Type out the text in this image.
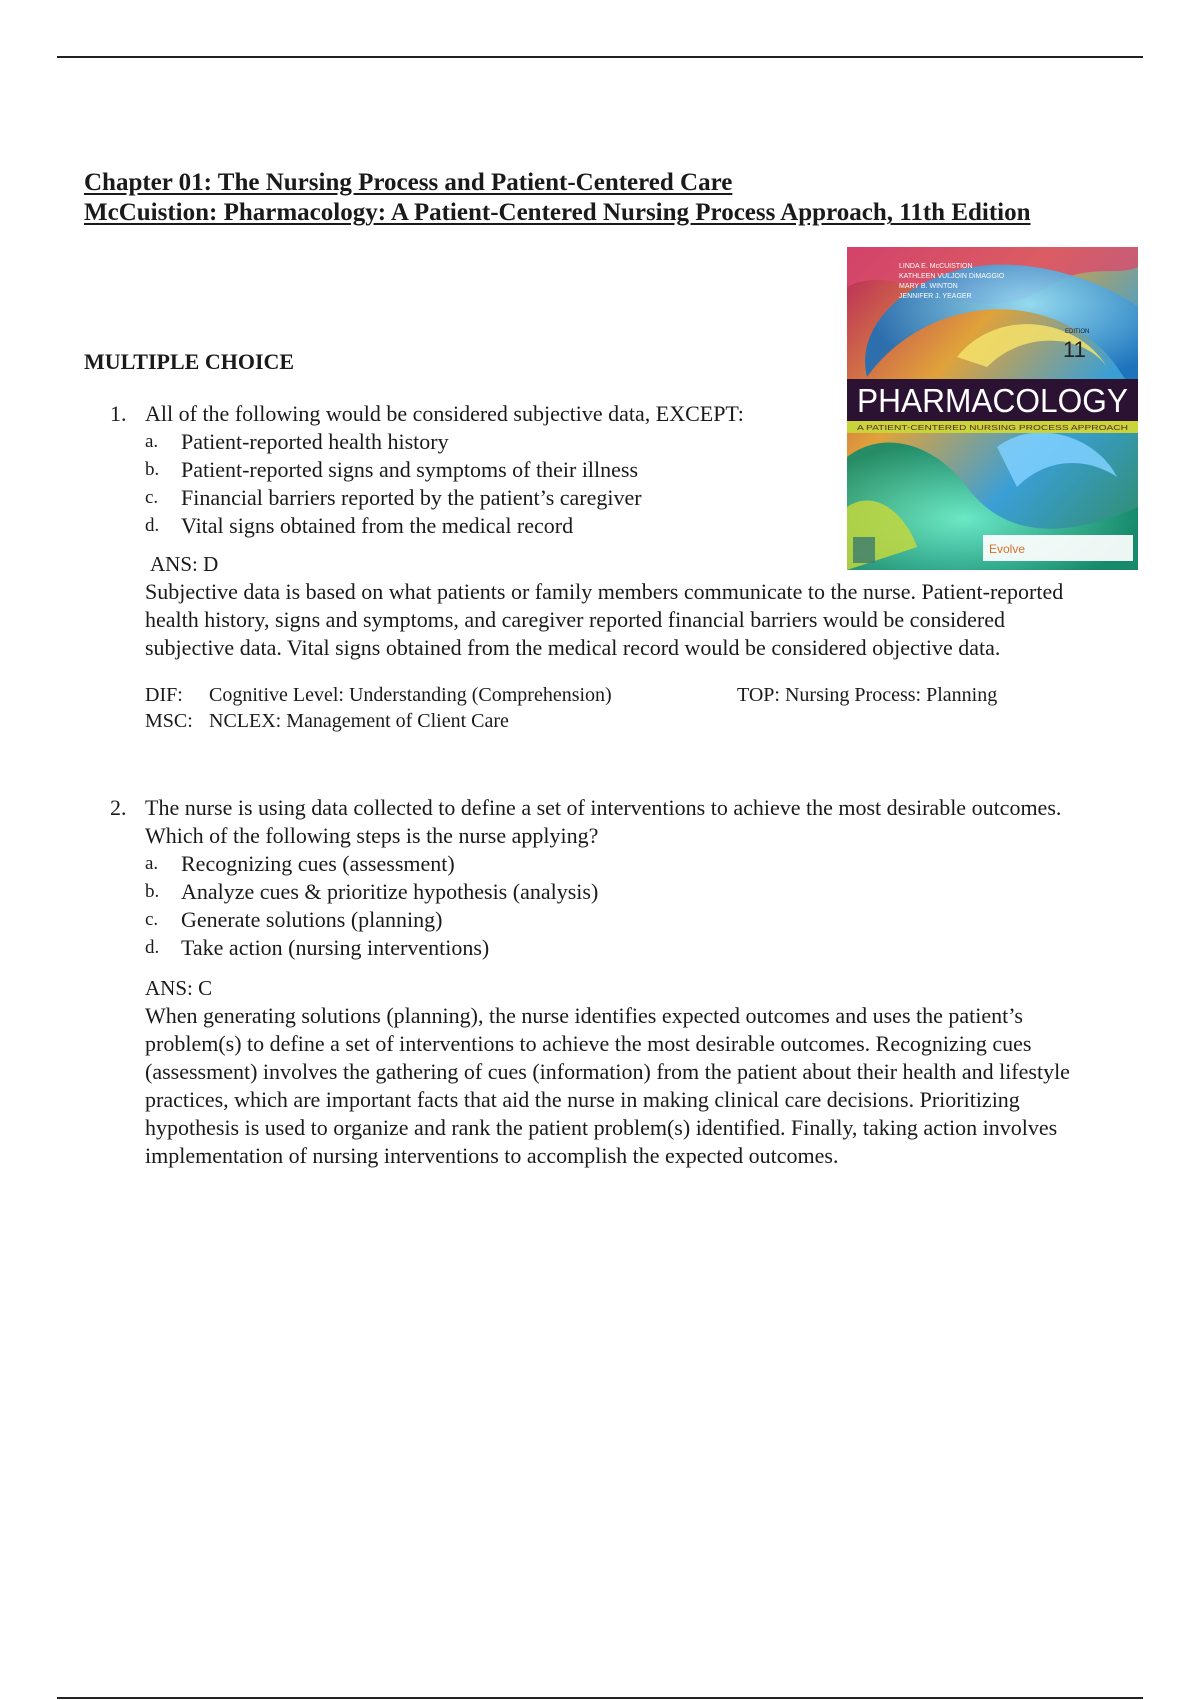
Chapter 01: The Nursing Process and Patient-Centered Care
McCuistion: Pharmacology: A Patient-Centered Nursing Process Approach, 11th Edition
LINDA E. McCUISTION
KATHLEEN VULJOIN DiMAGGIO
MARY B. WINTON
JENNIFER J. YEAGER
EDITION
11
PHARMACOLOGY
A PATIENT-CENTERED NURSING PROCESS APPROACH
Evolve
MULTIPLE CHOICE
1. All of the following would be considered subjective data, EXCEPT:
a.	Patient-reported health history
b. Patient-reported signs and symptoms of their illness
c.	Financial barriers reported by the patient’s caregiver
d. Vital signs obtained from the medical record
ANS: D
Subjective data is based on what patients or family members communicate to the nurse. Patient-reported health history, signs and symptoms, and caregiver reported financial barriers would be considered subjective data. Vital signs obtained from the medical record would be considered objective data.
DIF:	Cognitive Level: Understanding (Comprehension)	TOP: Nursing Process: Planning
MSC: NCLEX: Management of Client Care
2. The nurse is using data collected to define a set of interventions to achieve the most desirable outcomes. Which of the following steps is the nurse applying?
a.	Recognizing cues (assessment)
b. Analyze cues & prioritize hypothesis (analysis)
c.	Generate solutions (planning)
d. Take action (nursing interventions)
ANS: C
When generating solutions (planning), the nurse identifies expected outcomes and uses the patient’s problem(s) to define a set of interventions to achieve the most desirable outcomes. Recognizing cues (assessment) involves the gathering of cues (information) from the patient about their health and lifestyle practices, which are important facts that aid the nurse in making clinical care decisions. Prioritizing hypothesis is used to organize and rank the patient problem(s) identified. Finally, taking action involves implementation of nursing interventions to accomplish the expected outcomes.
